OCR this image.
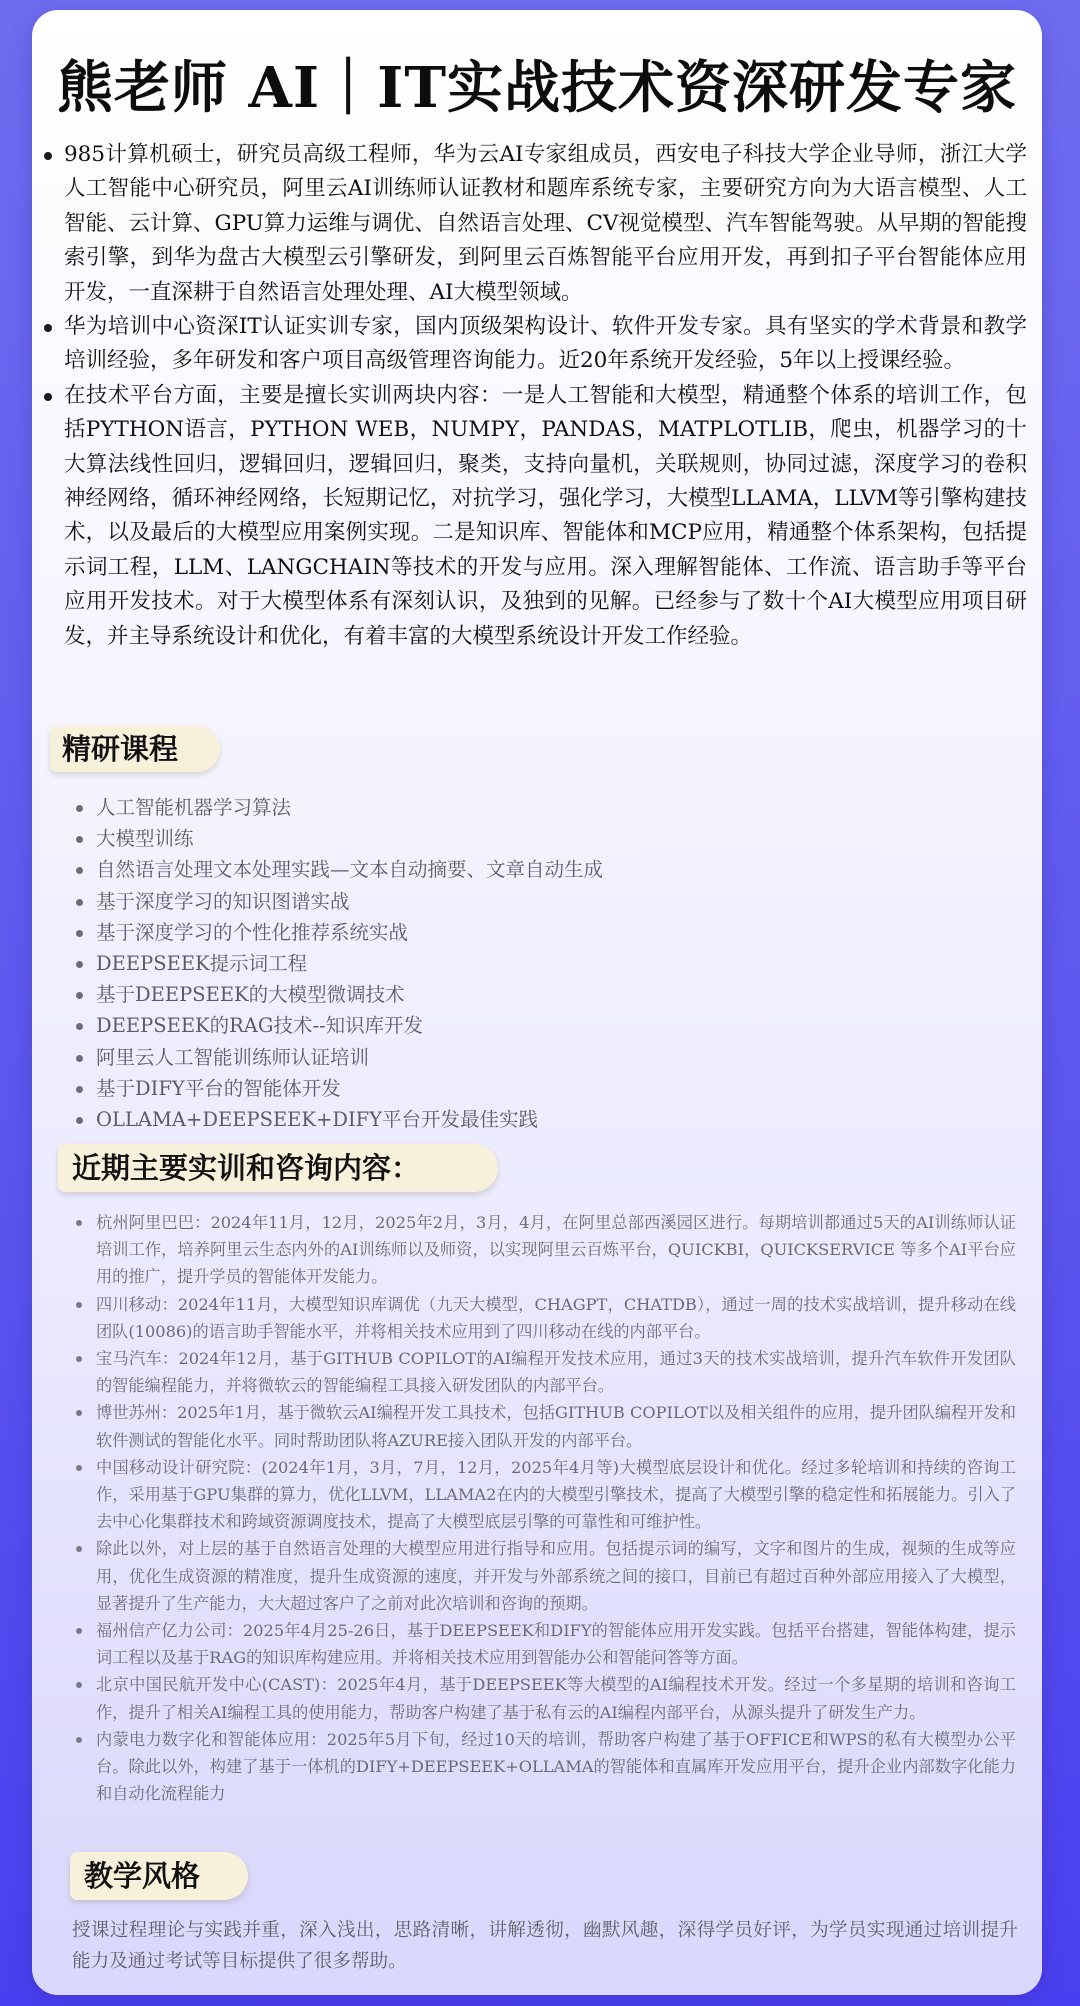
熊老师 AI｜IT实战技术资深研发专家
985计算机硕士，研究员高级工程师，华为云AI专家组成员，西安电子科技大学企业导师，浙江大学人工智能中心研究员，阿里云AI训练师认证教材和题库系统专家，主要研究方向为大语言模型、人工智能、云计算、GPU算力运维与调优、自然语言处理、CV视觉模型、汽车智能驾驶。从早期的智能搜索引擎，到华为盘古大模型云引擎研发，到阿里云百炼智能平台应用开发，再到扣子平台智能体应用开发，一直深耕于自然语言处理处理、AI大模型领域。
华为培训中心资深IT认证实训专家，国内顶级架构设计、软件开发专家。具有坚实的学术背景和教学培训经验，多年研发和客户项目高级管理咨询能力。近20年系统开发经验，5年以上授课经验。
在技术平台方面，主要是擅长实训两块内容：一是人工智能和大模型，精通整个体系的培训工作，包括PYTHON语言，PYTHON WEB，NUMPY，PANDAS，MATPLOTLIB，爬虫，机器学习的十大算法线性回归，逻辑回归，逻辑回归，聚类，支持向量机，关联规则，协同过滤，深度学习的卷积神经网络，循环神经网络，长短期记忆，对抗学习，强化学习，大模型LLAMA，LLVM等引擎构建技术，以及最后的大模型应用案例实现。二是知识库、智能体和MCP应用，精通整个体系架构，包括提示词工程，LLM、LANGCHAIN等技术的开发与应用。深入理解智能体、工作流、语言助手等平台应用开发技术。对于大模型体系有深刻认识，及独到的见解。已经参与了数十个AI大模型应用项目研发，并主导系统设计和优化，有着丰富的大模型系统设计开发工作经验。
精研课程
人工智能机器学习算法
大模型训练
自然语言处理文本处理实践—文本自动摘要、文章自动生成
基于深度学习的知识图谱实战
基于深度学习的个性化推荐系统实战
DEEPSEEK提示词工程
基于DEEPSEEK的大模型微调技术
DEEPSEEK的RAG技术--知识库开发
阿里云人工智能训练师认证培训
基于DIFY平台的智能体开发
OLLAMA+DEEPSEEK+DIFY平台开发最佳实践
近期主要实训和咨询内容：
杭州阿里巴巴：2024年11月，12月，2025年2月，3月，4月，在阿里总部西溪园区进行。每期培训都通过5天的AI训练师认证培训工作，培养阿里云生态内外的AI训练师以及师资，以实现阿里云百炼平台，QUICKBI，QUICKSERVICE 等多个AI平台应用的推广，提升学员的智能体开发能力。
四川移动：2024年11月，大模型知识库调优（九天大模型，CHAGPT，CHATDB），通过一周的技术实战培训，提升移动在线团队(10086)的语言助手智能水平，并将相关技术应用到了四川移动在线的内部平台。
宝马汽车：2024年12月，基于GITHUB COPILOT的AI编程开发技术应用，通过3天的技术实战培训，提升汽车软件开发团队的智能编程能力，并将微软云的智能编程工具接入研发团队的内部平台。
博世苏州：2025年1月，基于微软云AI编程开发工具技术，包括GITHUB COPILOT以及相关组件的应用，提升团队编程开发和软件测试的智能化水平。同时帮助团队将AZURE接入团队开发的内部平台。
中国移动设计研究院：(2024年1月，3月，7月，12月，2025年4月等)大模型底层设计和优化。经过多轮培训和持续的咨询工作，采用基于GPU集群的算力，优化LLVM，LLAMA2在内的大模型引擎技术，提高了大模型引擎的稳定性和拓展能力。引入了去中心化集群技术和跨域资源调度技术，提高了大模型底层引擎的可靠性和可维护性。
除此以外，对上层的基于自然语言处理的大模型应用进行指导和应用。包括提示词的编写，文字和图片的生成，视频的生成等应用，优化生成资源的精准度，提升生成资源的速度，并开发与外部系统之间的接口，目前已有超过百种外部应用接入了大模型，显著提升了生产能力，大大超过客户了之前对此次培训和咨询的预期。
福州信产亿力公司：2025年4月25-26日，基于DEEPSEEK和DIFY的智能体应用开发实践。包括平台搭建，智能体构建，提示词工程以及基于RAG的知识库构建应用。并将相关技术应用到智能办公和智能问答等方面。
北京中国民航开发中心(CAST)：2025年4月，基于DEEPSEEK等大模型的AI编程技术开发。经过一个多星期的培训和咨询工作，提升了相关AI编程工具的使用能力，帮助客户构建了基于私有云的AI编程内部平台，从源头提升了研发生产力。
内蒙电力数字化和智能体应用：2025年5月下旬，经过10天的培训，帮助客户构建了基于OFFICE和WPS的私有大模型办公平台。除此以外，构建了基于一体机的DIFY+DEEPSEEK+OLLAMA的智能体和直属库开发应用平台，提升企业内部数字化能力和自动化流程能力
教学风格

授课过程理论与实践并重，深入浅出，思路清晰，讲解透彻，幽默风趣，深得学员好评，为学员实现通过培训提升能力及通过考试等目标提供了很多帮助。
